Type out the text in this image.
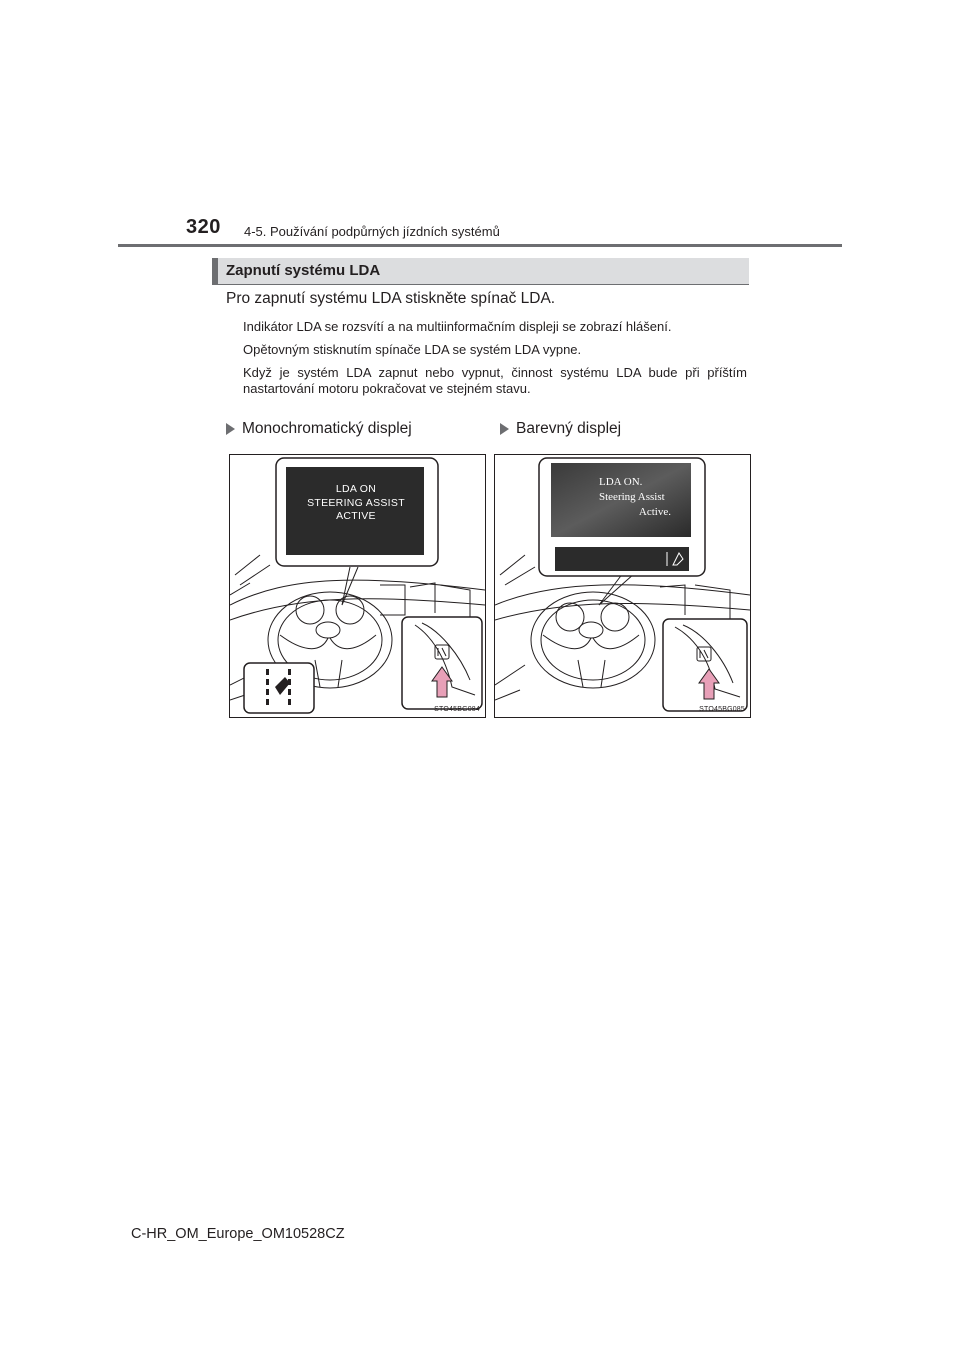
320 4-5. Používání podpůrných jízdních systémů
Zapnutí systému LDA
Pro zapnutí systému LDA stiskněte spínač LDA.
Indikátor LDA se rozsvítí a na multiinformačním displeji se zobrazí hlášení.
Opětovným stisknutím spínače LDA se systém LDA vypne.
Když je systém LDA zapnut nebo vypnut, činnost systému LDA bude při příštím nastartování motoru pokračovat ve stejném stavu.
Monochromatický displej	Barevný displej
LDA ON
STEERING ASSIST
ACTIVE
STO45BG084
LDA ON.
Steering Assist
Active.
STO45BG085
C-HR_OM_Europe_OM10528CZ
